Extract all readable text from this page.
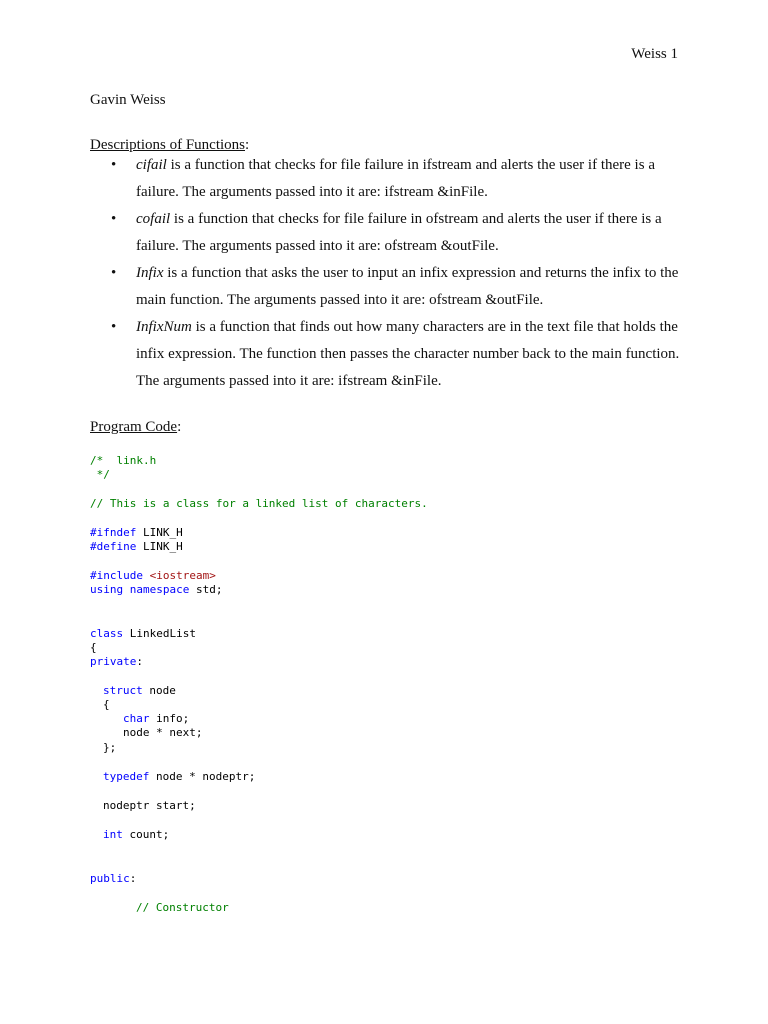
Weiss 1
Gavin Weiss
Descriptions of Functions:
• cifail is a function that checks for file failure in ifstream and alerts the user if there is a failure. The arguments passed into it are: ifstream &inFile.
• cofail is a function that checks for file failure in ofstream and alerts the user if there is a failure. The arguments passed into it are: ofstream &outFile.
• Infix is a function that asks the user to input an infix expression and returns the infix to the main function. The arguments passed into it are: ofstream &outFile.
• InfixNum is a function that finds out how many characters are in the text file that holds the infix expression. The function then passes the character number back to the main function. The arguments passed into it are: ifstream &inFile.
Program Code:
/*  link.h
*/
// This is a class for a linked list of characters.
#ifndef LINK_H
#define LINK_H
#include <iostream>
using namespace std;
class LinkedList
{
private:
struct node
{
char info;
node * next;
};
typedef node * nodeptr;
nodeptr start;
int count;
public:
// Constructor
